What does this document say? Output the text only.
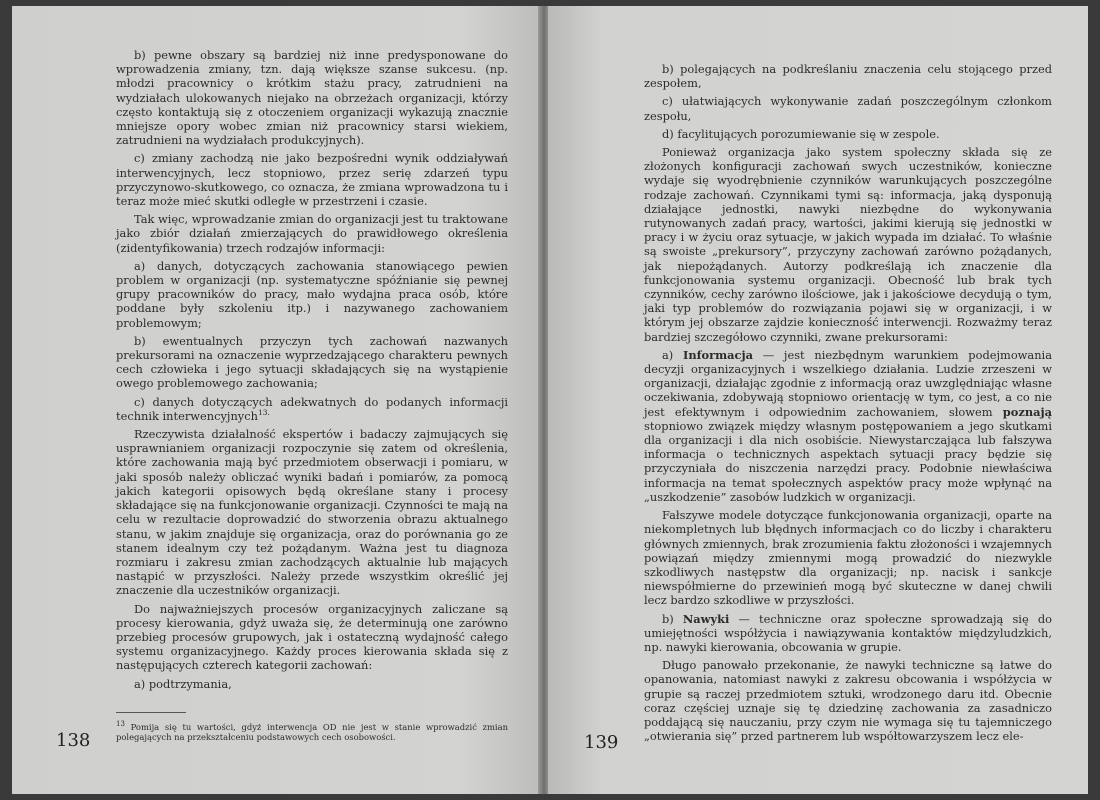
b) pewne obszary są bardziej niż inne predysponowane do wprowadzenia zmiany, tzn. dają większe szanse sukcesu. (np. młodzi pracownicy o krótkim stażu pracy, zatrudnieni na wydziałach ulokowanych niejako na obrzeżach organizacji, którzy często kontaktują się z otoczeniem organizacji wykazują znacznie mniejsze opory wobec zmian niż pracownicy starsi wiekiem, zatrudnieni na wydziałach produkcyjnych).

c) zmiany zachodzą nie jako bezpośredni wynik oddziaływań interwencyjnych, lecz stopniowo, przez serię zdarzeń typu przyczynowo-skutkowego, co oznacza, że zmiana wprowadzona tu i teraz może mieć skutki odległe w przestrzeni i czasie.

Tak więc, wprowadzanie zmian do organizacji jest tu traktowane jako zbiór działań zmierzających do prawidłowego określenia (zidentyfikowania) trzech rodzajów informacji:

a) danych, dotyczących zachowania stanowiącego pewien problem w organizacji (np. systematyczne spóźnianie się pewnej grupy pracowników do pracy, mało wydajna praca osób, które poddane były szkoleniu itp.) i nazywanego zachowaniem problemowym;

b) ewentualnych przyczyn tych zachowań nazwanych prekursorami na oznaczenie wyprzedzającego charakteru pewnych cech człowieka i jego sytuacji składających się na wystąpienie owego problemowego zachowania;

c) danych dotyczących adekwatnych do podanych informacji technik interwencyjnych$^{13.}$

Rzeczywista działalność ekspertów i badaczy zajmujących się usprawnianiem organizacji rozpoczynie się zatem od określenia, które zachowania mają być przedmiotem obserwacji i pomiaru, w jaki sposób należy obliczać wyniki badań i pomiarów, za pomocą jakich kategorii opisowych będą określane stany i procesy składające się na funkcjonowanie organizacji. Czynności te mają na celu w rezultacie doprowadzić do stworzenia obrazu aktualnego stanu, w jakim znajduje się organizacja, oraz do porównania go ze stanem idealnym czy też pożądanym. Ważna jest tu diagnoza rozmiaru i zakresu zmian zachodzących aktualnie lub mających nastąpić w przyszłości. Należy przede wszystkim określić jej znaczenie dla uczestników organizacji.

Do najważniejszych procesów organizacyjnych zaliczane są procesy kierowania, gdyż uważa się, że determinują one zarówno przebieg procesów grupowych, jak i ostateczną wydajność całego systemu organizacyjnego. Każdy proces kierowania składa się z następujących czterech kategorii zachowań:

a) podtrzymania,

$^{13}$ Pomija się tu wartości, gdyż interwencja OD nie jest w stanie wprowadzić zmian polegających na przekształceniu podstawowych cech osobowości.
138

b) polegających na podkreślaniu znaczenia celu stojącego przed zespołem,

c) ułatwiających wykonywanie zadań poszczególnym członkom zespołu,

d) facylitujących porozumiewanie się w zespole.

Ponieważ organizacja jako system społeczny składa się ze złożonych konfiguracji zachowań swych uczestników, konieczne wydaje się wyodrębnienie czynników warunkujących poszczególne rodzaje zachowań. Czynnikami tymi są: informacja, jaką dysponują działające jednostki, nawyki niezbędne do wykonywania rutynowanych zadań pracy, wartości, jakimi kierują się jednostki w pracy i w życiu oraz sytuacje, w jakich wypada im działać. To właśnie są swoiste „prekursory”, przyczyny zachowań zarówno pożądanych, jak niepożądanych. Autorzy podkreślają ich znaczenie dla funkcjonowania systemu organizacji. Obecność lub brak tych czynników, cechy zarówno ilościowe, jak i jakościowe decydują o tym, jaki typ problemów do rozwiązania pojawi się w organizacji, i w którym jej obszarze zajdzie konieczność interwencji. Rozważmy teraz bardziej szczegółowo czynniki, zwane prekursorami:

a) Informacja — jest niezbędnym warunkiem podejmowania decyzji organizacyjnych i wszelkiego działania. Ludzie zrzeszeni w organizacji, działając zgodnie z informacją oraz uwzględniając własne oczekiwania, zdobywają stopniowo orientację w tym, co jest, a co nie jest efektywnym i odpowiednim zachowaniem, słowem poznają stopniowo związek między własnym postępowaniem a jego skutkami dla organizacji i dla nich osobiście. Niewystarczająca lub fałszywa informacja o technicznych aspektach sytuacji pracy będzie się przyczyniała do niszczenia narzędzi pracy. Podobnie niewłaściwa informacja na temat społecznych aspektów pracy może wpłynąć na „uszkodzenie” zasobów ludzkich w organizacji.

Fałszywe modele dotyczące funkcjonowania organizacji, oparte na niekompletnych lub błędnych informacjach co do liczby i charakteru głównych zmiennych, brak zrozumienia faktu złożoności i wzajemnych powiązań między zmiennymi mogą prowadzić do niezwykle szkodliwych następstw dla organizacji; np. nacisk i sankcje niewspółmierne do przewinień mogą być skuteczne w danej chwili lecz bardzo szkodliwe w przyszłości.

b) Nawyki — techniczne oraz społeczne sprowadzają się do umiejętności współżycia i nawiązywania kontaktów międzyludzkich, np. nawyki kierowania, obcowania w grupie.

Długo panowało przekonanie, że nawyki techniczne są łatwe do opanowania, natomiast nawyki z zakresu obcowania i współżycia w grupie są raczej przedmiotem sztuki, wrodzonego daru itd. Obecnie coraz częściej uznaje się tę dziedzinę zachowania za zasadniczo poddającą się nauczaniu, przy czym nie wymaga się tu tajemniczego „otwierania się” przed partnerem lub współtowarzyszem lecz ele-

139
